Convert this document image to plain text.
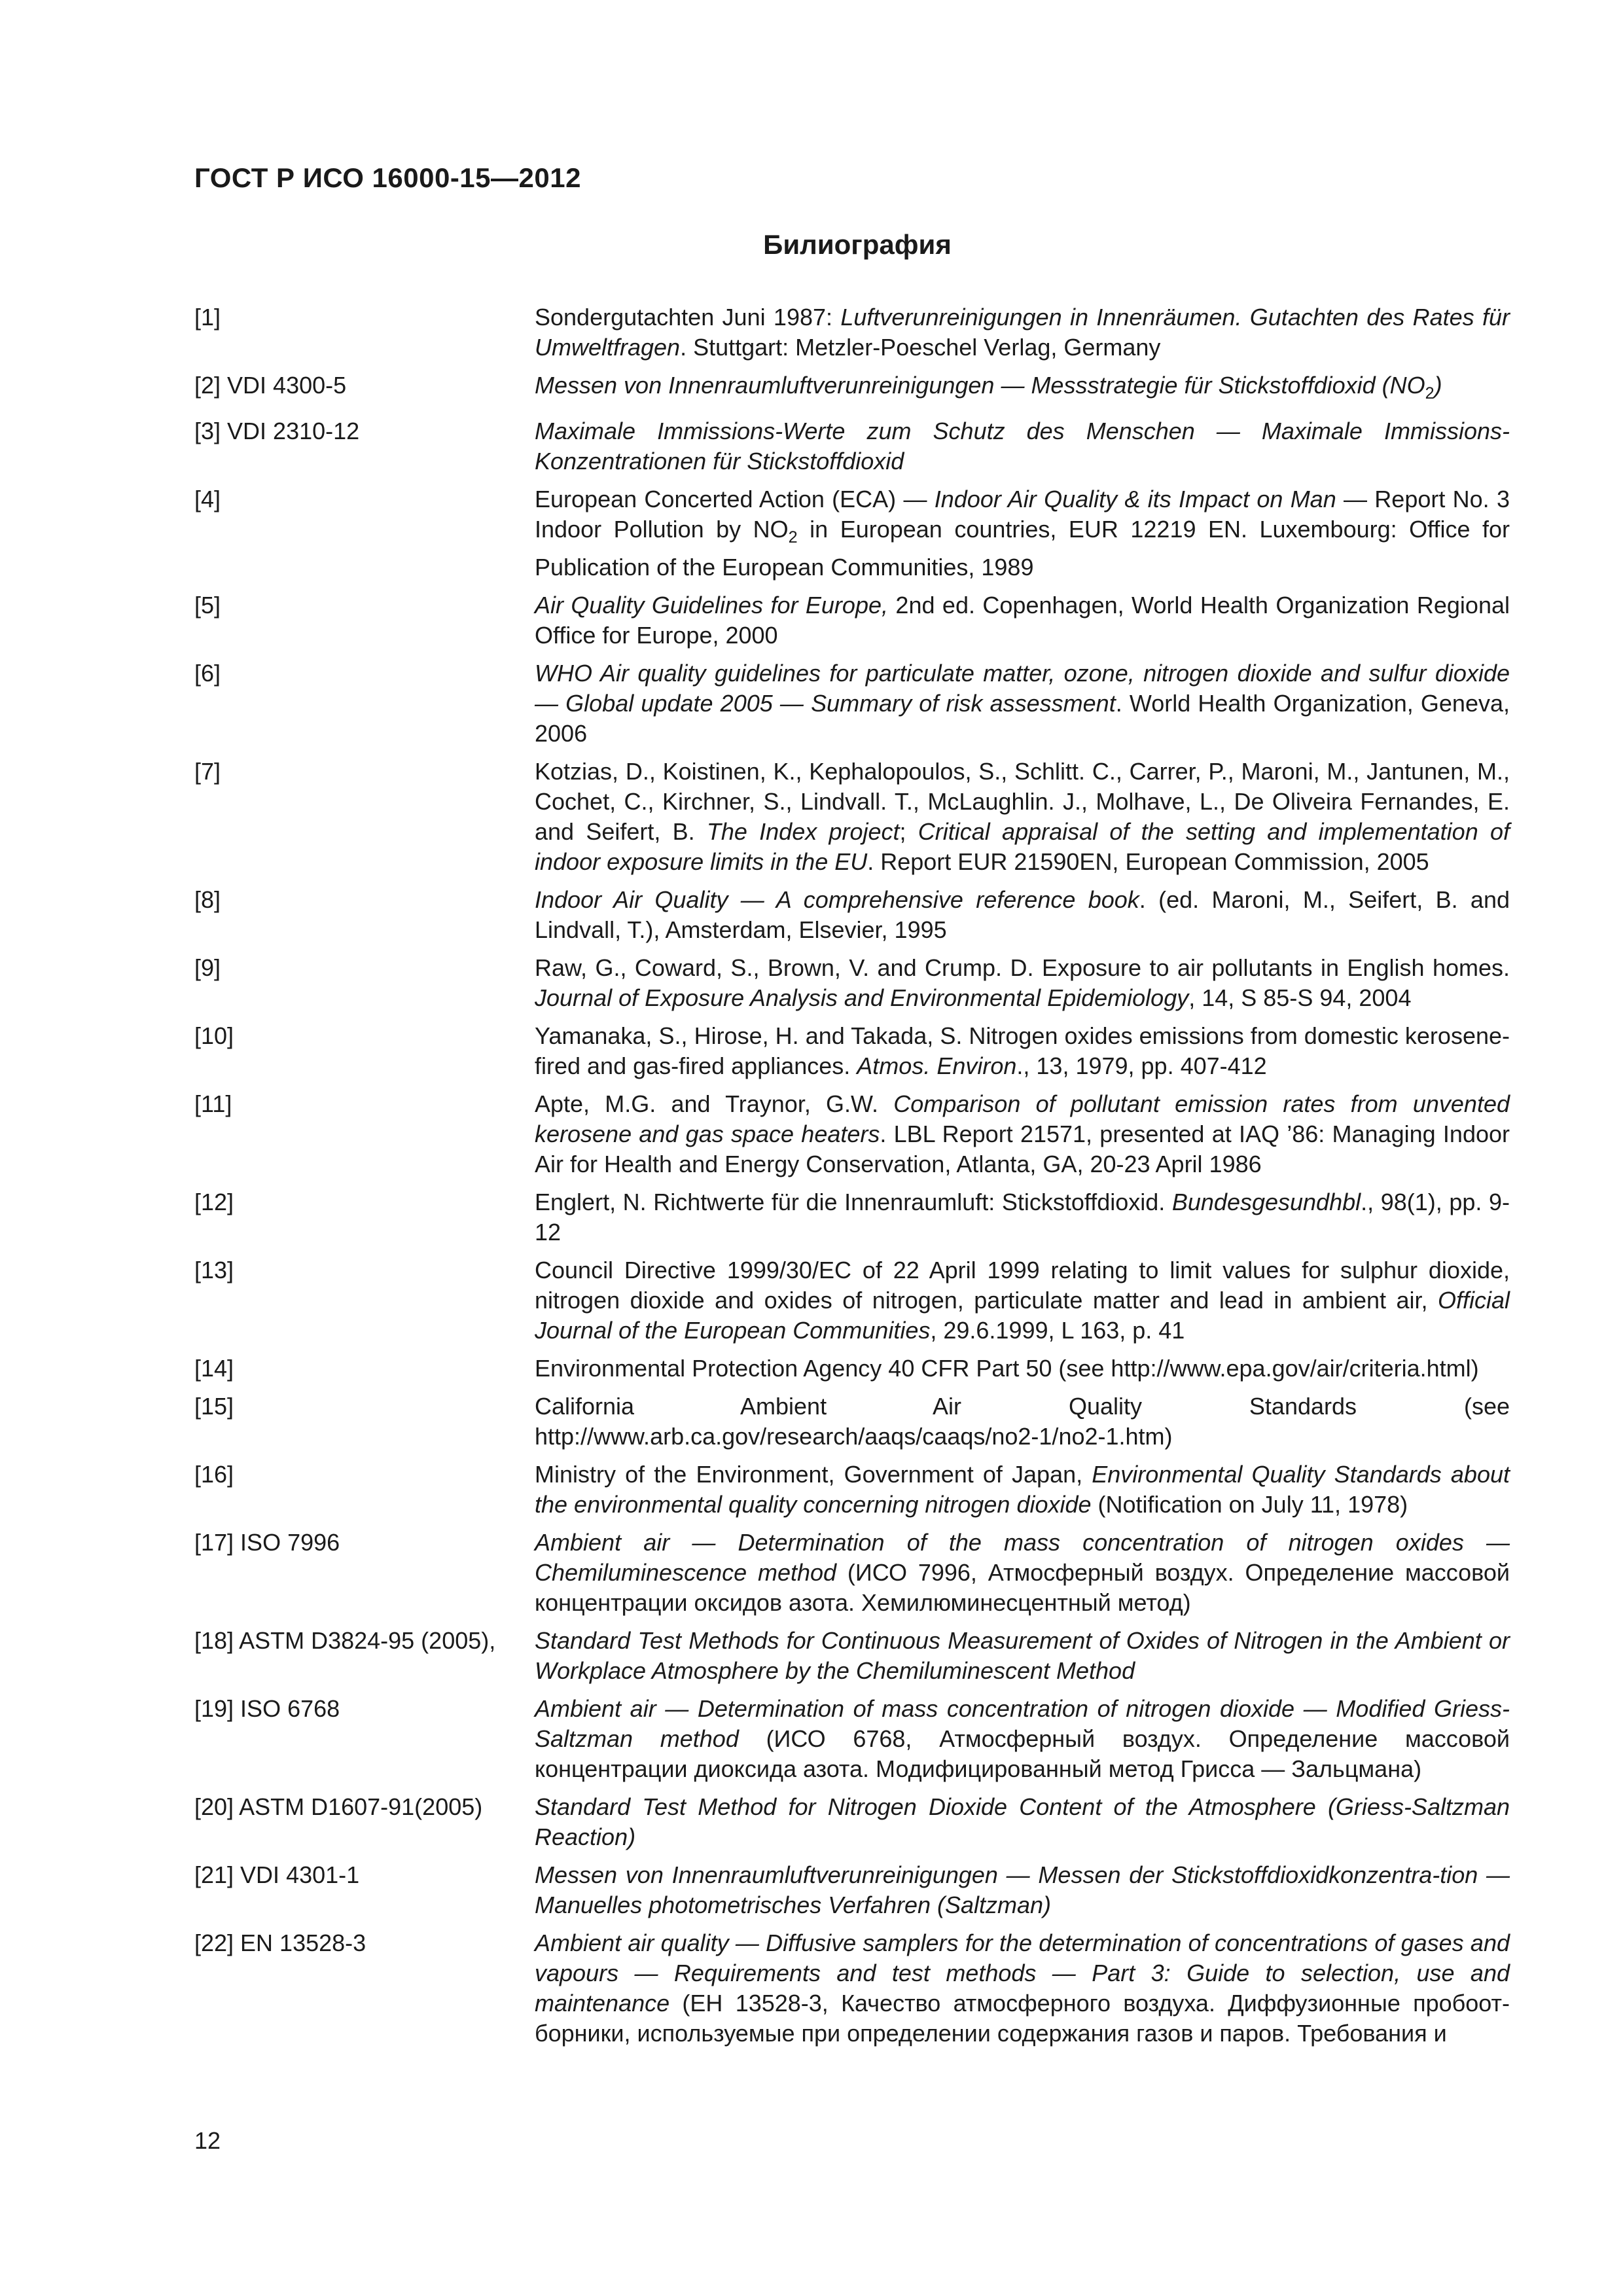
ГОСТ Р ИСО 16000-15—2012
Билиография
[1]	Sondergutachten Juni 1987: Luftverunreinigungen in Innenräumen. Gutachten des Rates für Umweltfragen. Stuttgart: Metzler-Poeschel Verlag, Germany
[2] VDI 4300-5	Messen von Innenraumluftverunreinigungen — Messstrategie für Stickstoffdioxid $(NO_2)$
[3] VDI 2310-12	Maximale Immissions-Werte zum Schutz des Menschen — Maximale Immissions-Konzentrationen für Stickstoffdioxid
[4]	European Concerted Action (ECA) — Indoor Air Quality & its Impact on Man — Report No. 3 Indoor Pollution by $NO_2$ in European countries, EUR 12219 EN. Luxembourg: Office for Publication of the European Communities, 1989
[5]	Air Quality Guidelines for Europe, 2nd ed. Copenhagen, World Health Organization Regional Office for Europe, 2000
[6]	WHO Air quality guidelines for particulate matter, ozone, nitrogen dioxide and sulfur dioxide — Global update 2005 — Summary of risk assessment. World Health Organization, Geneva, 2006
[7]	Kotzias, D., Koistinen, K., Kephalopoulos, S., Schlitt. C., Carrer, P., Maroni, M., Jantunen, M., Cochet, C., Kirchner, S., Lindvall. T., McLaughlin. J., Molhave, L., De Oliveira Fernandes, E. and Seifert, B. The Index project; Critical appraisal of the setting and implementation of indoor exposure limits in the EU. Report EUR 21590EN, European Commission, 2005
[8]	Indoor Air Quality — A comprehensive reference book. (ed. Maroni, M., Seifert, B. and Lindvall, T.), Amsterdam, Elsevier, 1995
[9]	Raw, G., Coward, S., Brown, V. and Crump. D. Exposure to air pollutants in English homes. Journal of Exposure Analysis and Environmental Epidemiology, 14, S 85-S 94, 2004
[10]	Yamanaka, S., Hirose, H. and Takada, S. Nitrogen oxides emissions from domestic kerosene-fired and gas-fired appliances. Atmos. Environ., 13, 1979, pp. 407-412
[11]	Apte, M.G. and Traynor, G.W. Comparison of pollutant emission rates from unvented kerosene and gas space heaters. LBL Report 21571, presented at IAQ ’86: Managing Indoor Air for Health and Energy Conservation, Atlanta, GA, 20-23 April 1986
[12]	Englert, N. Richtwerte für die Innenraumluft: Stickstoffdioxid. Bundesgesundhbl., 98(1), pp. 9-12
[13]	Council Directive 1999/30/EC of 22 April 1999 relating to limit values for sulphur dioxide, nitrogen dioxide and oxides of nitrogen, particulate matter and lead in ambient air, Official Journal of the European Communities, 29.6.1999, L 163, p. 41
[14]	Environmental Protection Agency 40 CFR Part 50 (see http://www.epa.gov/air/criteria.html)
[15]	California Ambient Air Quality Standards (see http://www.arb.ca.gov/research/aaqs/caaqs/no2-1/no2-1.htm)
[16]	Ministry of the Environment, Government of Japan, Environmental Quality Standards about the environmental quality concerning nitrogen dioxide (Notification on July 11, 1978)
[17] ISO 7996	Ambient air — Determination of the mass concentration of nitrogen oxides — Chemiluminescence method (ИСО 7996, Атмосферный воздух. Определение массовой концентрации оксидов азота. Хемилюминесцентный метод)
[18] ASTM D3824-95 (2005),	Standard Test Methods for Continuous Measurement of Oxides of Nitrogen in the Ambient or Workplace Atmosphere by the Chemiluminescent Method
[19] ISO 6768	Ambient air — Determination of mass concentration of nitrogen dioxide — Modified Griess-Saltzman method (ИСО 6768, Атмосферный воздух. Определение массовой концентрации диоксида азота. Модифицированный метод Грисса — Зальцмана)
[20] ASTM D1607-91(2005)	Standard Test Method for Nitrogen Dioxide Content of the Atmosphere (Griess-Saltzman Reaction)
[21] VDI 4301-1	Messen von Innenraumluftverunreinigungen — Messen der Stickstoffdioxidkonzentra-tion — Manuelles photometrisches Verfahren (Saltzman)
[22] EN 13528-3	Ambient air quality — Diffusive samplers for the determination of concentrations of gases and vapours — Requirements and test methods — Part 3: Guide to selection, use and maintenance (ЕН 13528-3, Качество атмосферного воздуха. Диффузионные пробоот-борники, используемые при определении содержания газов и паров. Требования и
12
